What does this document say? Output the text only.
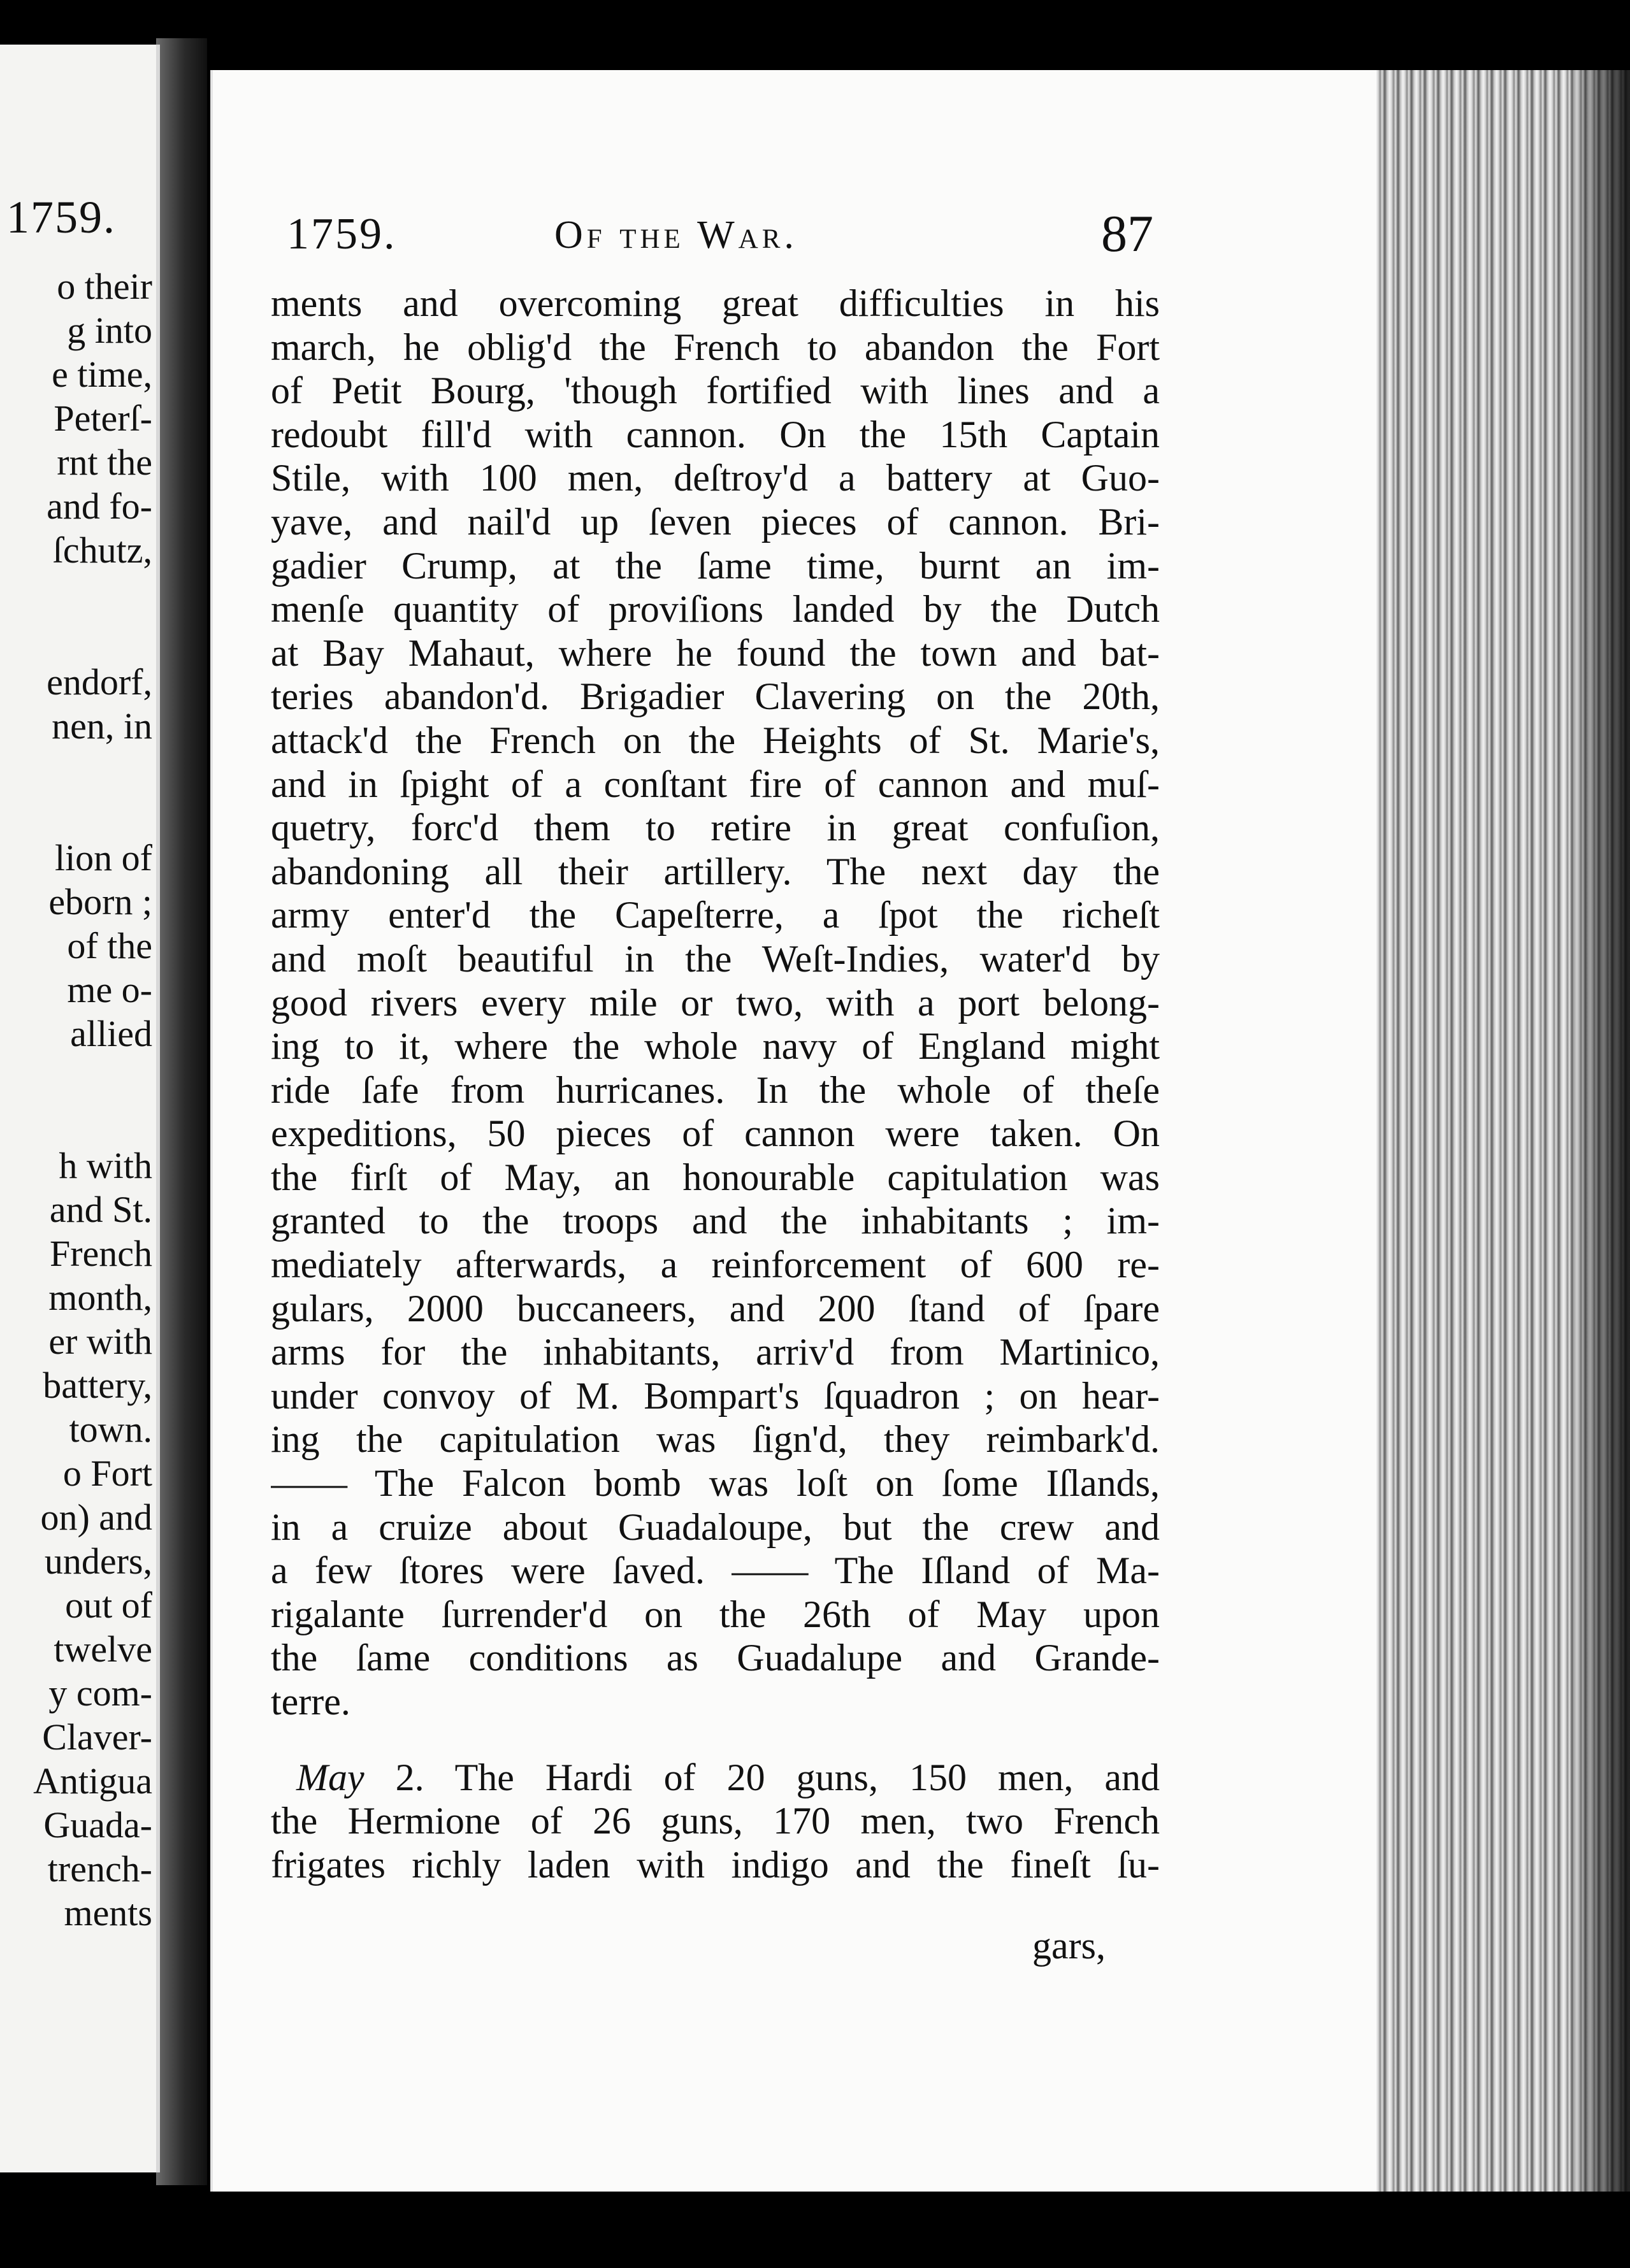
1759.
o their
g into
e time,
Peterſ-
rnt the
and fo-
ſchutz,
endorf,
nen, in
lion of
eborn ;
of the
me o-
allied
h with
and St.
French
month,
er with
battery,
town.
o Fort
on) and
unders,
out of
twelve
y com-
Claver-
Antigua
Guada-
trench-
ments
1759.	Of the War.	87
ments and overcoming great difficulties in his
march, he oblig'd the French to abandon the Fort
of Petit Bourg, 'though fortified with lines and a
redoubt fill'd with cannon. On the 15th Captain
Stile, with 100 men, deſtroy'd a battery at Guo-
yave, and nail'd up ſeven pieces of cannon. Bri-
gadier Crump, at the ſame time, burnt an im-
menſe quantity of proviſions landed by the Dutch
at Bay Mahaut, where he found the town and bat-
teries abandon'd. Brigadier Clavering on the 20th,
attack'd the French on the Heights of St. Marie's,
and in ſpight of a conſtant fire of cannon and muſ-
quetry, forc'd them to retire in great confuſion,
abandoning all their artillery. The next day the
army enter'd the Capeſterre, a ſpot the richeſt
and moſt beautiful in the Weſt-Indies, water'd by
good rivers every mile or two, with a port belong-
ing to it, where the whole navy of England might
ride ſafe from hurricanes. In the whole of theſe
expeditions, 50 pieces of cannon were taken. On
the firſt of May, an honourable capitulation was
granted to the troops and the inhabitants ; im-
mediately afterwards, a reinforcement of 600 re-
gulars, 2000 buccaneers, and 200 ſtand of ſpare
arms for the inhabitants, arriv'd from Martinico,
under convoy of M. Bompart's ſquadron ; on hear-
ing the capitulation was ſign'd, they reimbark'd.
—— The Falcon bomb was loſt on ſome Iſlands,
in a cruize about Guadaloupe, but the crew and
a few ſtores were ſaved. —— The Iſland of Ma-
rigalante ſurrender'd on the 26th of May upon
the ſame conditions as Guadalupe and Grande-
terre.
May 2. The Hardi of 20 guns, 150 men, and
the Hermione of 26 guns, 170 men, two French
frigates richly laden with indigo and the fineſt ſu-
gars,
